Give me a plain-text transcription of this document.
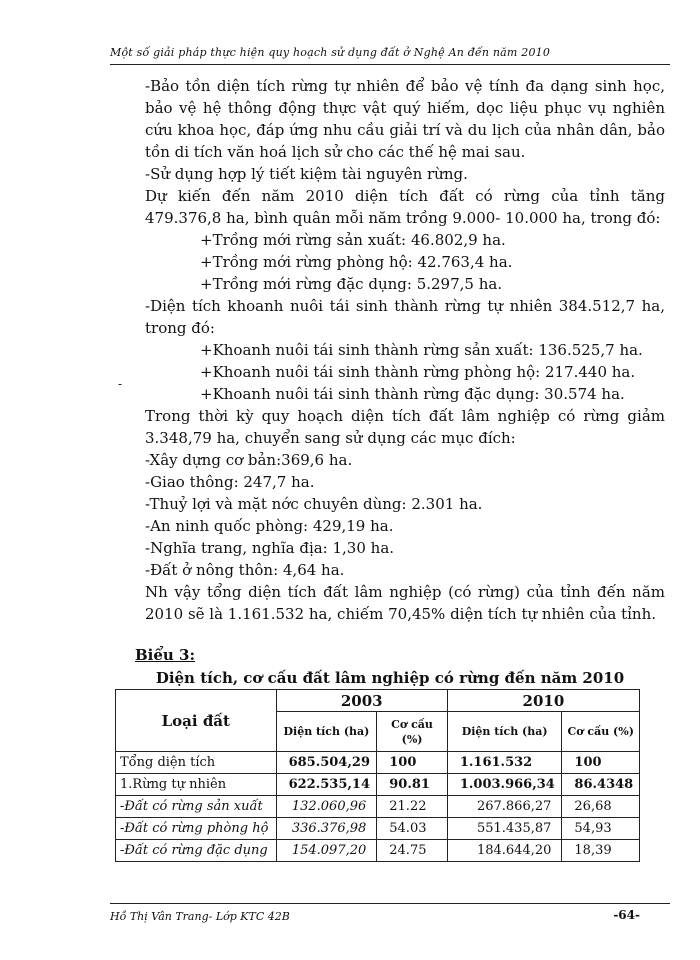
Một số giải pháp thực hiện quy hoạch sử dụng đất ở Nghệ An đến năm 2010
-Bảo tồn diện tích rừng tự nhiên để bảo vệ tính đa dạng sinh học, bảo vệ hệ thông động thực vật quý hiếm, dọc liệu phục vụ nghiên cứu khoa học, đáp ứng nhu cầu giải trí và du lịch của nhân dân, bảo tồn di tích văn hoá lịch sử cho các thế hệ mai sau.
-Sử dụng hợp lý tiết kiệm tài nguyên rừng.
Dự kiến đến năm 2010 diện tích đất có rừng của tỉnh tăng 479.376,8 ha, bình quân mỗi năm trồng 9.000- 10.000 ha, trong đó:
+Trồng mới rừng sản xuất: 46.802,9 ha.
+Trồng mới rừng phòng hộ: 42.763,4 ha.
+Trồng mới rừng đặc dụng: 5.297,5 ha.
-Diện tích khoanh nuôi tái sinh thành rừng tự nhiên 384.512,7 ha, trong đó:
+Khoanh nuôi tái sinh thành rừng sản xuất: 136.525,7 ha.
+Khoanh nuôi tái sinh thành rừng phòng hộ: 217.440 ha.
+Khoanh nuôi tái sinh thành rừng đặc dụng: 30.574 ha.
Trong thời kỳ quy hoạch diện tích đất lâm nghiệp có rừng giảm 3.348,79 ha, chuyển sang sử dụng các mục đích:
-Xây dựng cơ bản:369,6 ha.
-Giao thông: 247,7 ha.
-Thuỷ lợi và mặt nớc chuyên dùng: 2.301 ha.
-An ninh quốc phòng: 429,19 ha.
-Nghĩa trang, nghĩa địa: 1,30 ha.
-Đất ở nông thôn: 4,64 ha.
Nh vậy tổng diện tích đất lâm nghiệp (có rừng) của tỉnh đến năm 2010 sẽ là 1.161.532 ha, chiếm 70,45% diện tích tự nhiên của tỉnh.
-
Biểu 3:
Diện tích, cơ cấu đất lâm nghiệp có rừng đến năm 2010
Loại đất	2003		2010	
	Diện tích (ha)	Cơ cấu (%)	Diện tích (ha)	Cơ cấu (%)
Tổng diện tích	685.504,29	100	1.161.532	100
1.Rừng tự nhiên	622.535,14	90.81	1.003.966,34	86.4348
-Đất có rừng sản xuất	132.060,96	21.22	267.866,27	26,68
-Đất có rừng phòng hộ	336.376,98	54.03	551.435,87	54,93
-Đất có rừng đặc dụng	154.097,20	24.75	184.644,20	18,39
Hồ Thị Vân Trang- Lớp KTC 42B	-64-
